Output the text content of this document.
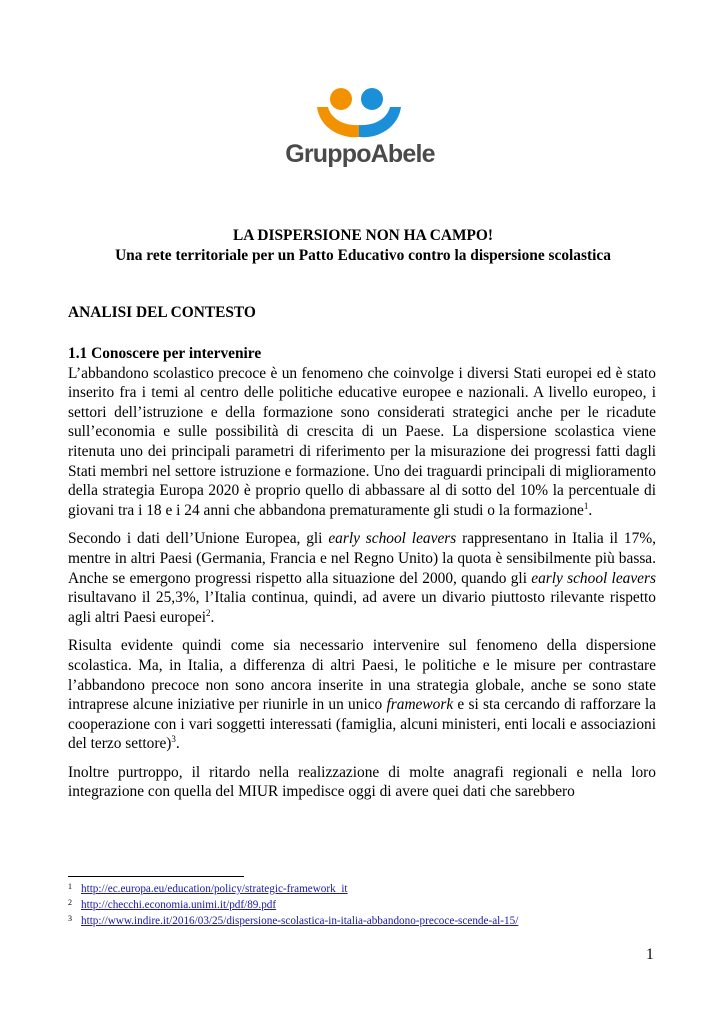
GruppoAbele
LA DISPERSIONE NON HA CAMPO!
Una rete territoriale per un Patto Educativo contro la dispersione scolastica
ANALISI DEL CONTESTO
1.1 Conoscere per intervenire

L’abbandono scolastico precoce è un fenomeno che coinvolge i diversi Stati europei ed è stato inserito fra i temi al centro delle politiche educative europee e nazionali. A livello europeo, i settori dell’istruzione e della formazione sono considerati strategici anche per le ricadute sull’economia e sulle possibilità di crescita di un Paese. La dispersione scolastica viene ritenuta uno dei principali parametri di riferimento per la misurazione dei progressi fatti dagli Stati membri nel settore istruzione e formazione. Uno dei traguardi principali di miglioramento della strategia Europa 2020 è proprio quello di abbassare al di sotto del 10% la percentuale di giovani tra i 18 e i 24 anni che abbandona prematuramente gli studi o la formazione$^1$.

Secondo i dati dell’Unione Europea, gli early school leavers rappresentano in Italia il 17%, mentre in altri Paesi (Germania, Francia e nel Regno Unito) la quota è sensibilmente più bassa. Anche se emergono progressi rispetto alla situazione del 2000, quando gli early school leavers risultavano il 25,3%, l’Italia continua, quindi, ad avere un divario piuttosto rilevante rispetto agli altri Paesi europei$^2$.

Risulta evidente quindi come sia necessario intervenire sul fenomeno della dispersione scolastica. Ma, in Italia, a differenza di altri Paesi, le politiche e le misure per contrastare l’abbandono precoce non sono ancora inserite in una strategia globale, anche se sono state intraprese alcune iniziative per riunirle in un unico framework e si sta cercando di rafforzare la cooperazione con i vari soggetti interessati (famiglia, alcuni ministeri, enti locali e associazioni del terzo settore)$^3$.

Inoltre purtroppo, il ritardo nella realizzazione di molte anagrafi regionali e nella loro integrazione con quella del MIUR impedisce oggi di avere quei dati che sarebbero

1 http://ec.europa.eu/education/policy/strategic-framework_it
2 http://checchi.economia.unimi.it/pdf/89.pdf
3 http://www.indire.it/2016/03/25/dispersione-scolastica-in-italia-abbandono-precoce-scende-al-15/
1
